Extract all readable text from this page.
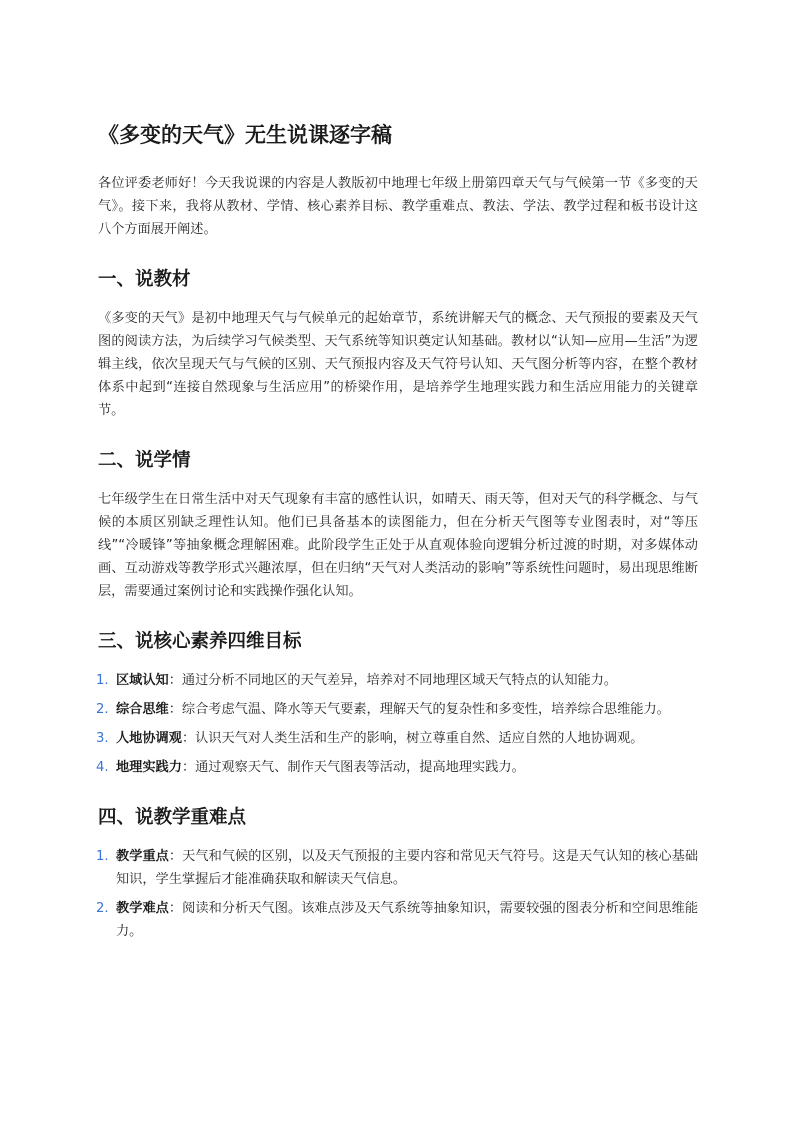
《多变的天气》无生说课逐字稿

各位评委老师好！今天我说课的内容是人教版初中地理七年级上册第四章天气与气候第一节《多变的天气》。接下来，我将从教材、学情、核心素养目标、教学重难点、教法、学法、教学过程和板书设计这八个方面展开阐述。

一、说教材

《多变的天气》是初中地理天气与气候单元的起始章节，系统讲解天气的概念、天气预报的要素及天气图的阅读方法，为后续学习气候类型、天气系统等知识奠定认知基础。教材以“认知—应用—生活”为逻辑主线，依次呈现天气与气候的区别、天气预报内容及天气符号认知、天气图分析等内容，在整个教材体系中起到“连接自然现象与生活应用”的桥梁作用，是培养学生地理实践力和生活应用能力的关键章节。

二、说学情

七年级学生在日常生活中对天气现象有丰富的感性认识，如晴天、雨天等，但对天气的科学概念、与气候的本质区别缺乏理性认知。他们已具备基本的读图能力，但在分析天气图等专业图表时，对“等压线”“冷暖锋”等抽象概念理解困难。此阶段学生正处于从直观体验向逻辑分析过渡的时期，对多媒体动画、互动游戏等教学形式兴趣浓厚，但在归纳“天气对人类活动的影响”等系统性问题时，易出现思维断层，需要通过案例讨论和实践操作强化认知。

三、说核心素养四维目标
1. 区域认知：通过分析不同地区的天气差异，培养对不同地理区域天气特点的认知能力。
2. 综合思维：综合考虑气温、降水等天气要素，理解天气的复杂性和多变性，培养综合思维能力。
3. 人地协调观：认识天气对人类生活和生产的影响，树立尊重自然、适应自然的人地协调观。
4. 地理实践力：通过观察天气、制作天气图表等活动，提高地理实践力。
四、说教学重难点
1. 教学重点：天气和气候的区别，以及天气预报的主要内容和常见天气符号。这是天气认知的核心基础知识，学生掌握后才能准确获取和解读天气信息。
2. 教学难点：阅读和分析天气图。该难点涉及天气系统等抽象知识，需要较强的图表分析和空间思维能力。
